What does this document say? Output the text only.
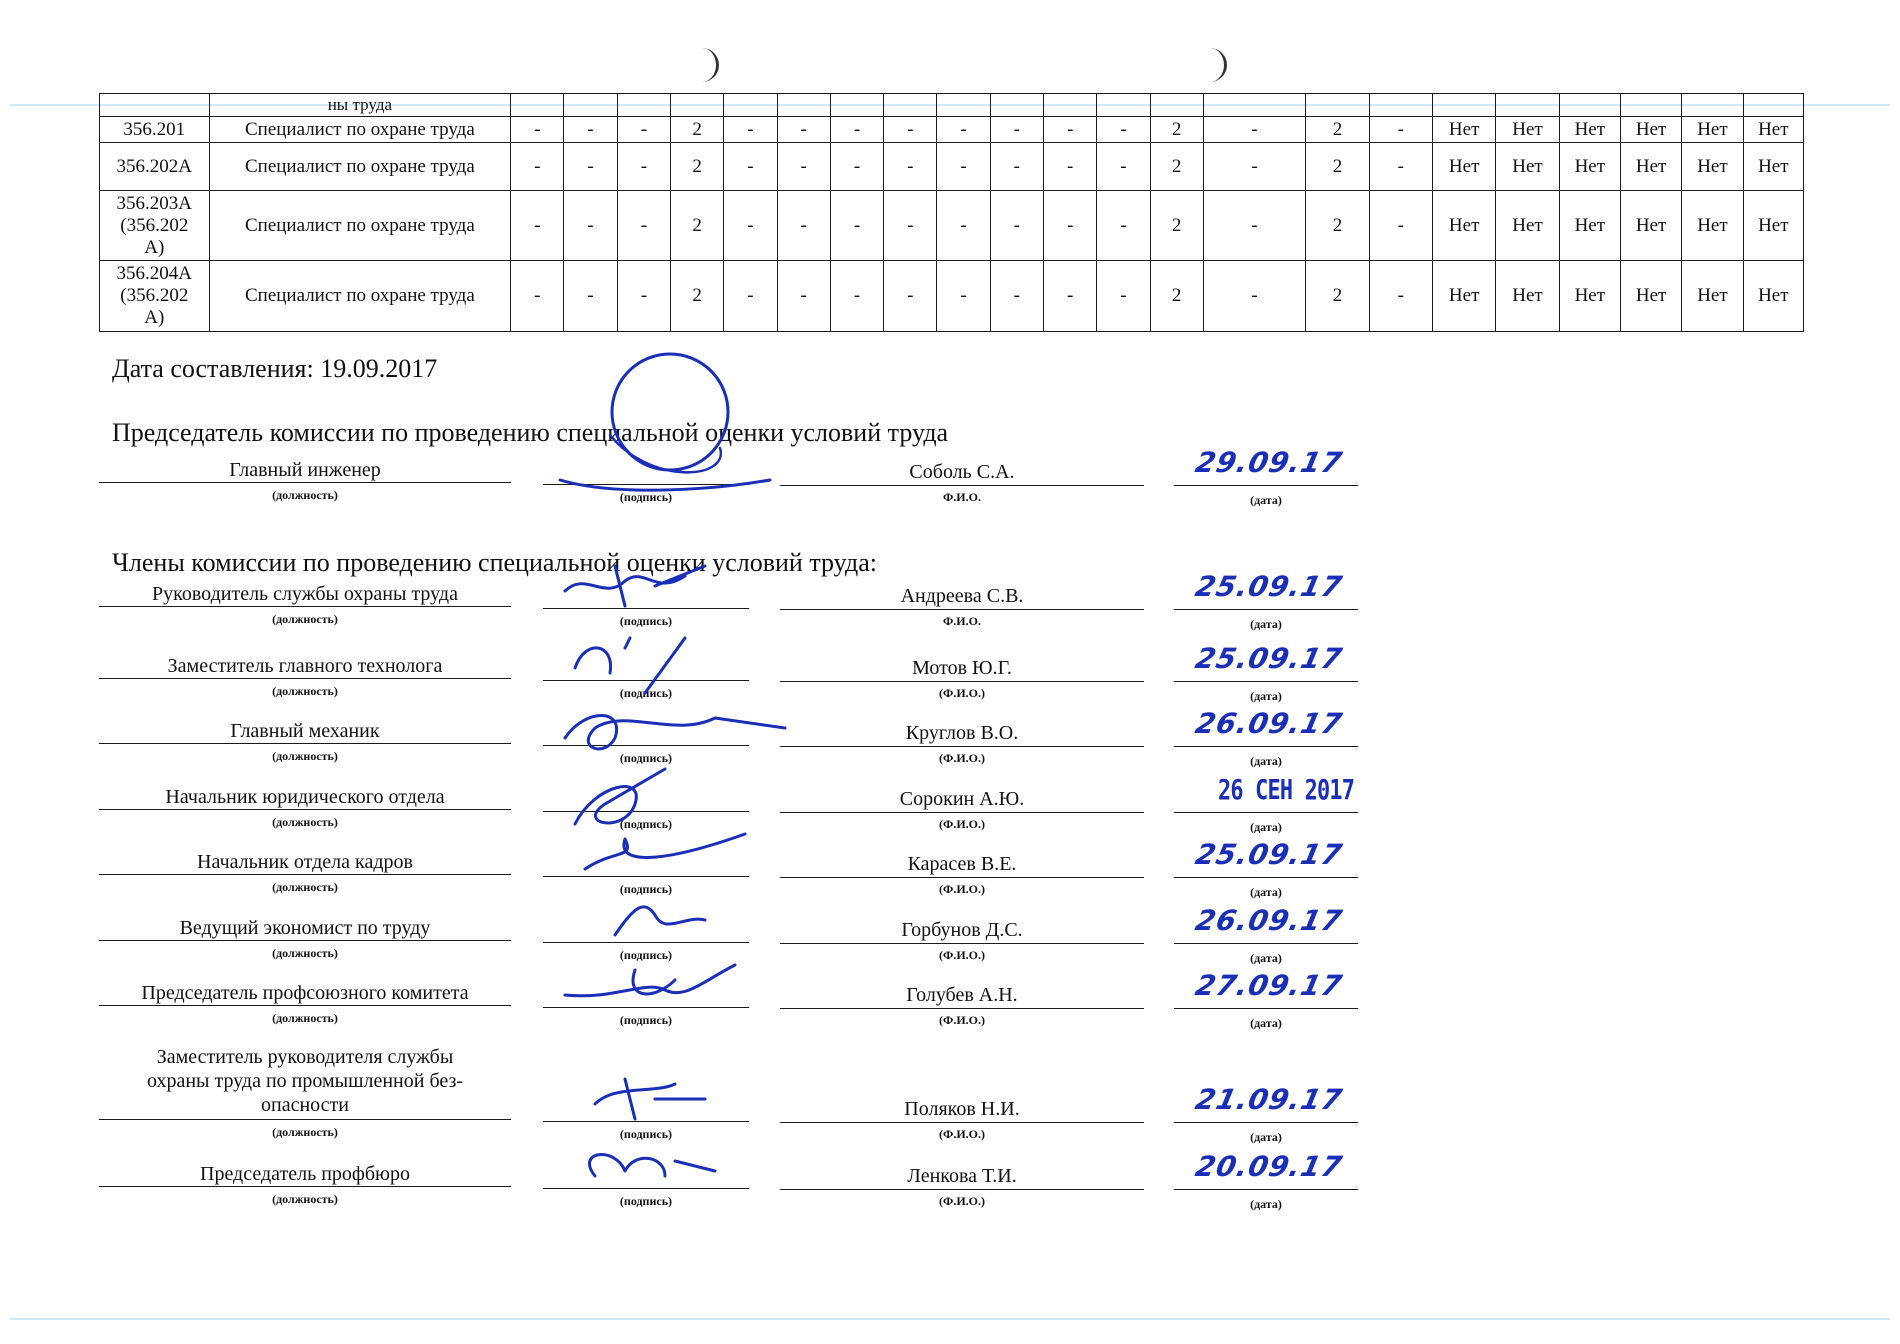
	ны труда																						

356.201	Специалист по охране труда	-	-	-	2	-	-	-	-	-	-	-	-	2	-	2	-	Нет	Нет	Нет	Нет	Нет	Нет

356.202А	Специалист по охране труда	-	-	-	2	-	-	-	-	-	-	-	-	2	-	2	-	Нет	Нет	Нет	Нет	Нет	Нет

356.203А
(356.202
А)	Специалист по охране труда	-	-	-	2	-	-	-	-	-	-	-	-	2	-	2	-	Нет	Нет	Нет	Нет	Нет	Нет

356.204А
(356.202
А)	Специалист по охране труда	-	-	-	2	-	-	-	-	-	-	-	-	2	-	2	-	Нет	Нет	Нет	Нет	Нет	Нет
Дата составления: 19.09.2017
Председатель комиссии по проведению специальной оценки условий труда
Члены комиссии по проведению специальной оценки условий труда:
Главный инженер
(должность)	(подпись)	Ф.И.О.	(дата)
Соболь С.А.	29.09.17
Руководитель службы охраны труда
(должность)	(подпись)	Ф.И.О.	(дата)
Андреева С.В.	25.09.17
Заместитель главного технолога
(должность)	(подпись)	(Ф.И.О.)	(дата)
Мотов Ю.Г.	25.09.17
Главный механик
(должность)	(подпись)	(Ф.И.О.)	(дата)
Круглов В.О.	26.09.17
Начальник юридического отдела
(должность)	(подпись)	(Ф.И.О.)	(дата)
Сорокин А.Ю.	26 СЕН 2017
Начальник отдела кадров
(должность)	(подпись)	(Ф.И.О.)	(дата)
Карасев В.Е.	25.09.17
Ведущий экономист по труду
(должность)	(подпись)	(Ф.И.О.)	(дата)
Горбунов Д.С.	26.09.17
Председатель профсоюзного комитета
(должность)	(подпись)	(Ф.И.О.)	(дата)
Голубев А.Н.	27.09.17
Заместитель руководителя службы
охраны труда по промышленной без-
опасности
(должность)	(подпись)	(Ф.И.О.)	(дата)
Поляков Н.И.	21.09.17
Председатель профбюро
(должность)	(подпись)	(Ф.И.О.)	(дата)
Ленкова Т.И.	20.09.17
